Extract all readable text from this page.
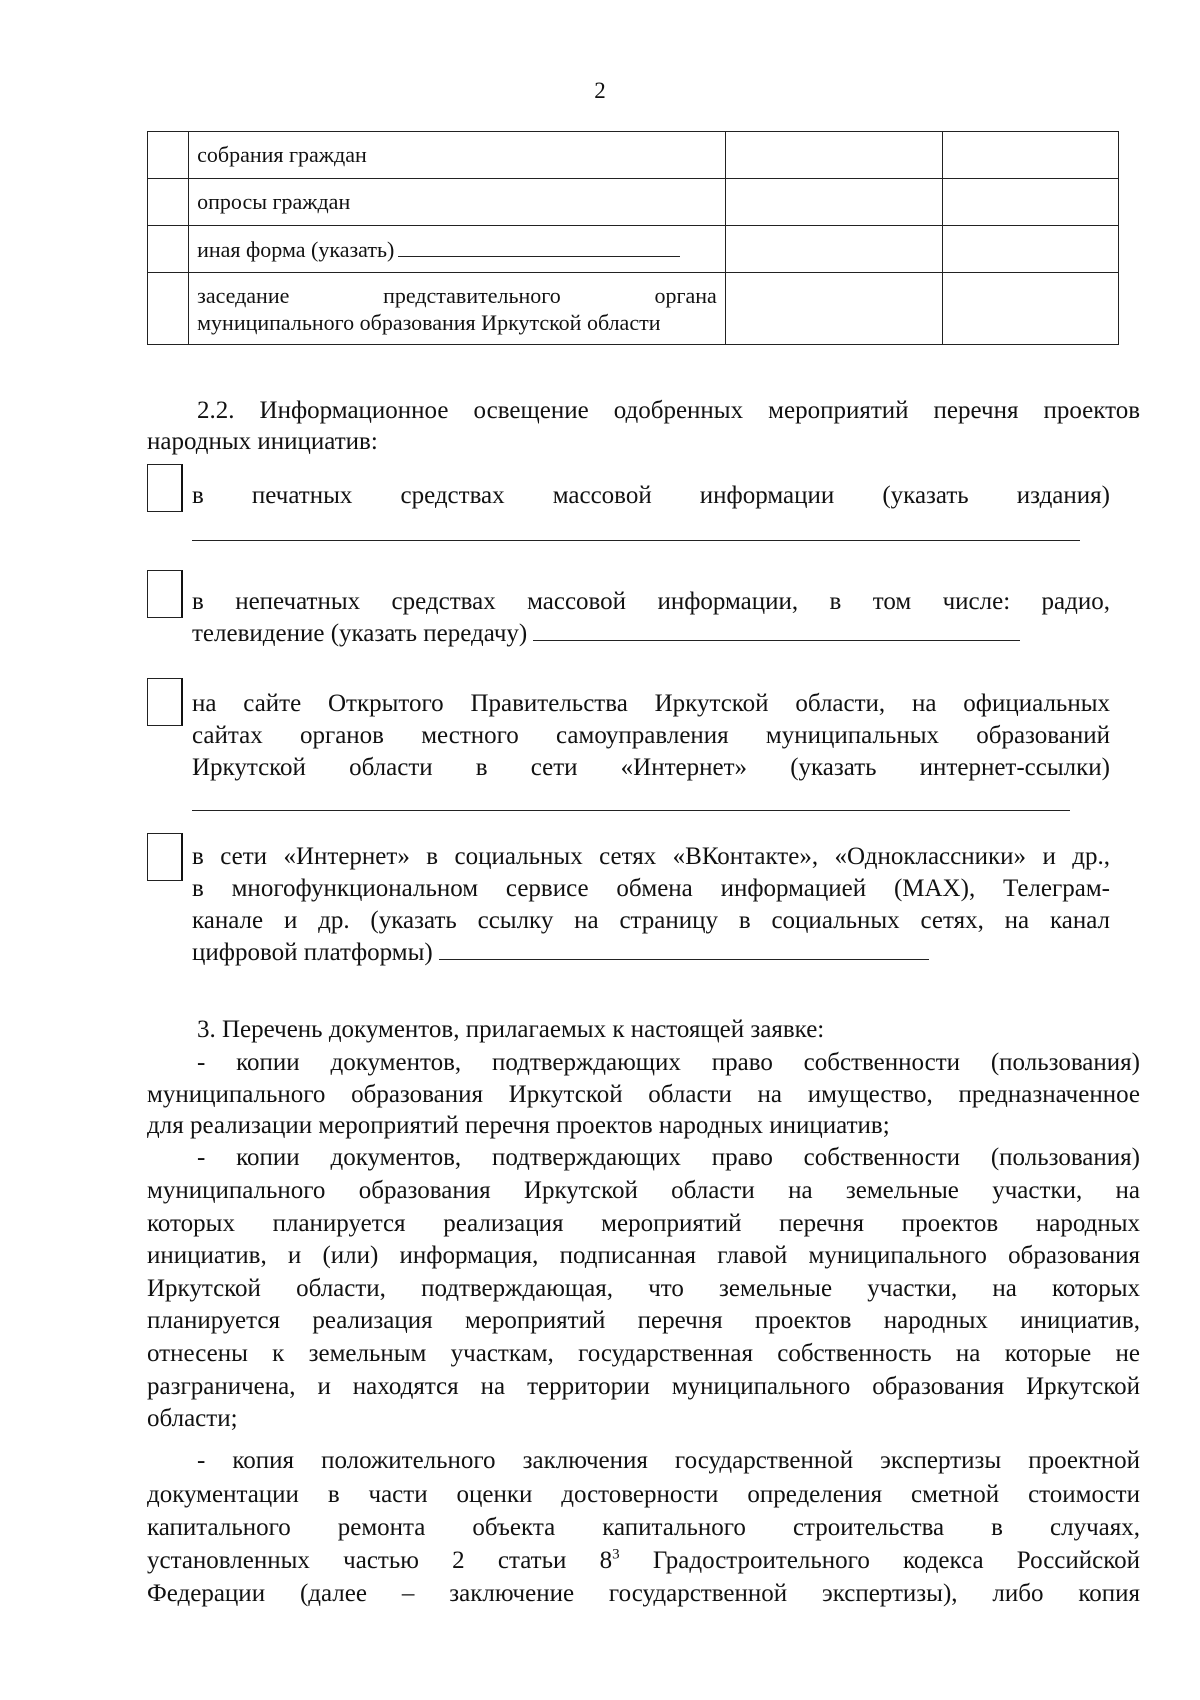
2
	собрания граждан		
	опросы граждан		
	иная форма (указать)		

	заседание представительного органа
муниципального образования Иркутской области		

2.2. Информационное освещение одобренных мероприятий перечня проектов
народных инициатив:
в печатных средствах массовой информации (указать издания)
в непечатных средствах массовой информации, в том числе: радио,
телевидение (указать передачу)
на сайте Открытого Правительства Иркутской области, на официальных
сайтах органов местного самоуправления муниципальных образований
Иркутской области в сети «Интернет» (указать интернет-ссылки)
в сети «Интернет» в социальных сетях «ВКонтакте», «Одноклассники» и др.,
в многофункциональном сервисе обмена информацией (MAX), Телеграм-
канале и др. (указать ссылку на страницу в социальных сетях, на канал
цифровой платформы)
3. Перечень документов, прилагаемых к настоящей заявке:
- копии документов, подтверждающих право собственности (пользования)
муниципального образования Иркутской области на имущество, предназначенное
для реализации мероприятий перечня проектов народных инициатив;
- копии документов, подтверждающих право собственности (пользования)
муниципального образования Иркутской области на земельные участки, на
которых планируется реализация мероприятий перечня проектов народных
инициатив, и (или) информация, подписанная главой муниципального образования
Иркутской области, подтверждающая, что земельные участки, на которых
планируется реализация мероприятий перечня проектов народных инициатив,
отнесены к земельным участкам, государственная собственность на которые не
разграничена, и находятся на территории муниципального образования Иркутской
области;
- копия положительного заключения государственной экспертизы проектной
документации в части оценки достоверности определения сметной стоимости
капитального ремонта объекта капитального строительства в случаях,
установленных частью 2 статьи $8^3$ Градостроительного кодекса Российской
Федерации (далее – заключение государственной экспертизы), либо копия
